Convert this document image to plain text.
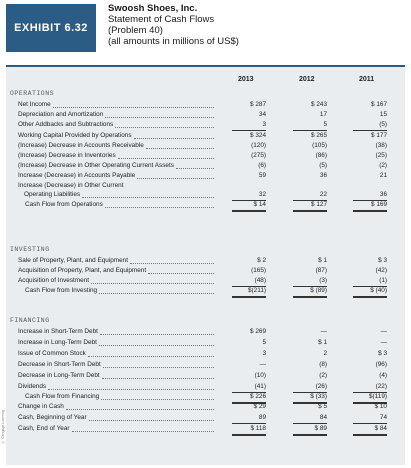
EXHIBIT 6.32
Swoosh Shoes, Inc.
Statement of Cash Flows
(Problem 40)
(all amounts in millions of US$)
2013	2012	2011
OPERATIONS
INVESTING
FINANCING
Net Income	$ 287	$ 243	$ 167
Depreciation and Amortization	34	17	15
Other Addbacks and Subtractions	3	5	(5)
Working Capital Provided by Operations	$ 324	$ 265	$ 177
(Increase) Decrease in Accounts Receivable	(120)	(105)	(38)
(Increase) Decrease in Inventories	(275)	(86)	(25)
(Increase) Decrease in Other Operating Current Assets	(6)	(5)	(2)
Increase (Decrease) in Accounts Payable	59	36	21
Increase (Decrease) in Other Current
Operating Liabilities	32	22	36
Cash Flow from Operations	$ 14	$ 127	$ 169
Sale of Property, Plant, and Equipment	$ 2	$ 1	$ 3
Acquisition of Property, Plant, and Equipment	(165)	(87)	(42)
Acquisition of Investment	(48)	(3)	(1)
Cash Flow from Investing	$(211)	$ (89)	$ (40)
Increase in Short-Term Debt	$ 269	—	—
Increase in Long-Term Debt	5	$ 1	—
Issue of Common Stock	3	2	$ 3
Decrease in Short-Term Debt	—	(8)	(96)
Decrease in Long-Term Debt	(10)	(2)	(4)
Dividends	(41)	(26)	(22)
Cash Flow from Financing	$ 226	$ (33)	$(119)
Change in Cash	$ 29	$ 5	$ 10
Cash, Beginning of Year	89	84	74
Cash, End of Year	$ 118	$ 89	$ 84
© Cengage Learning
